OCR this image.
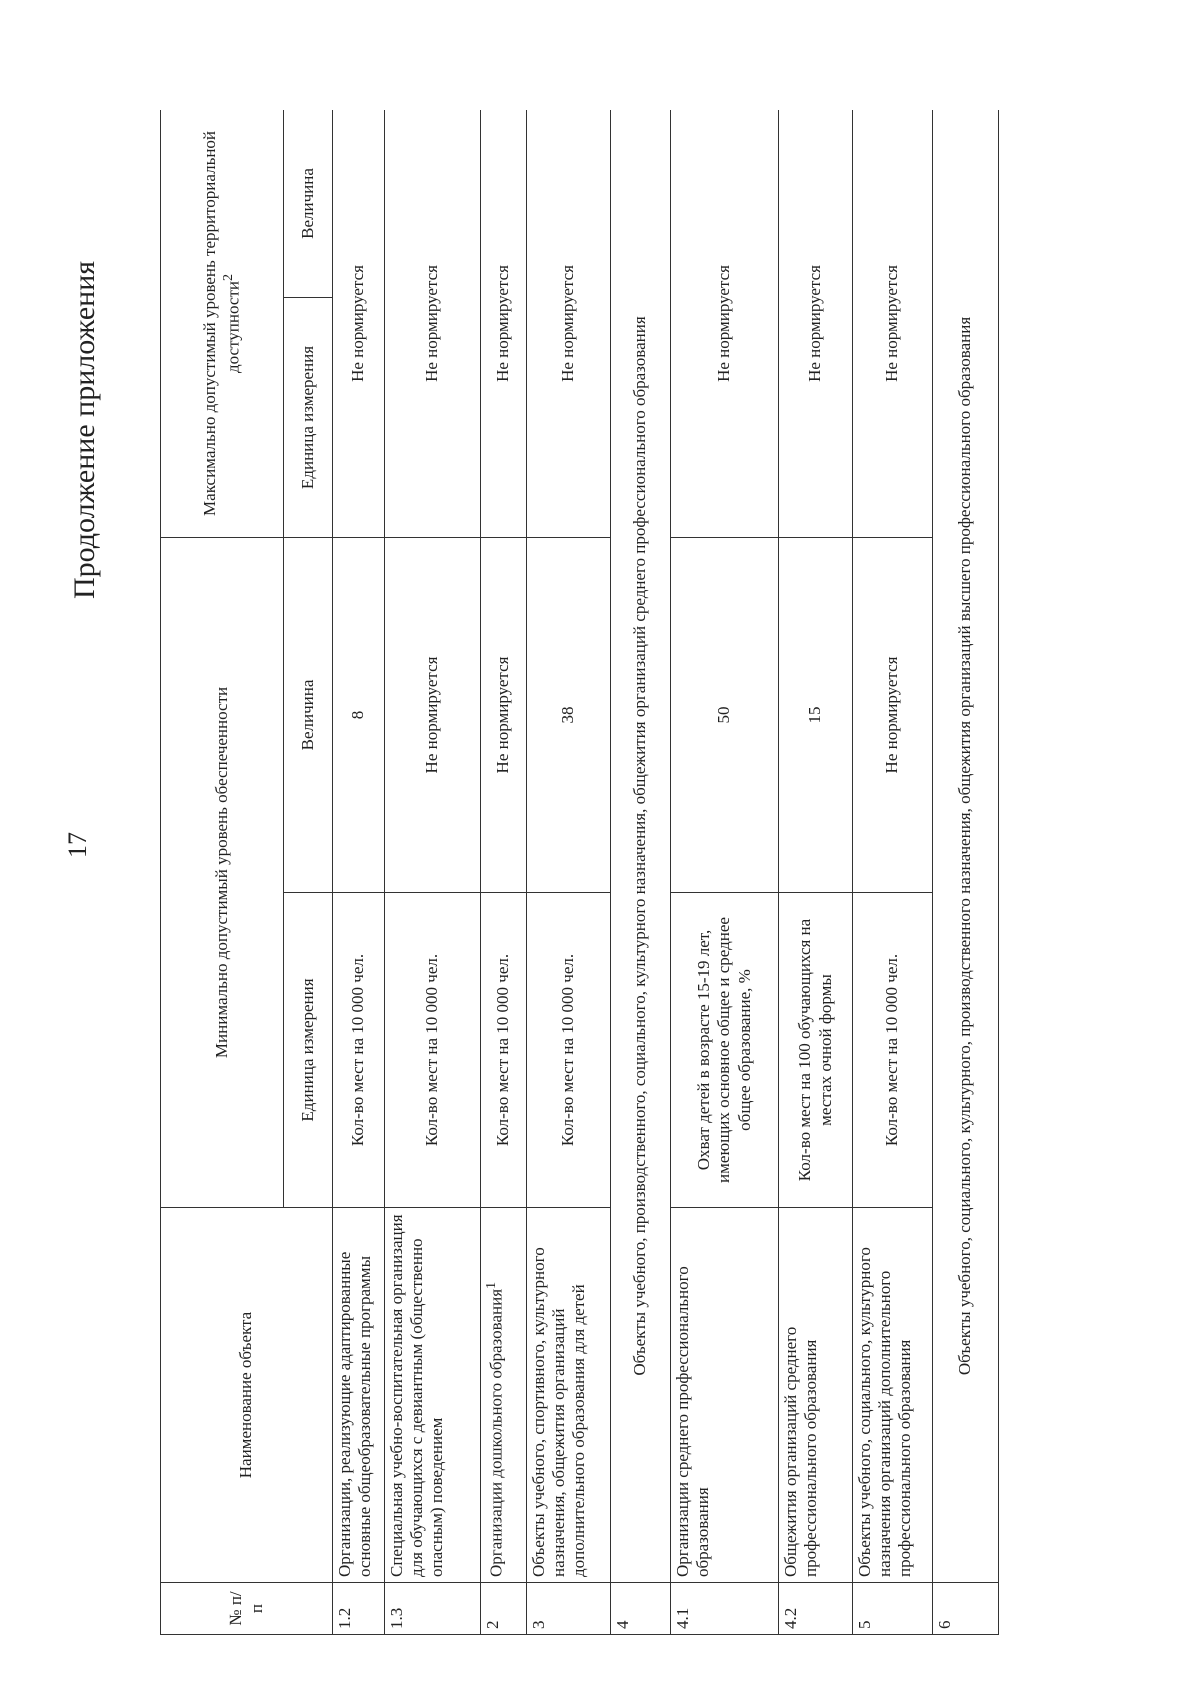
17
Продолжение приложения
№ п/п	Наименование объекта	Минимально допустимый уровень обеспеченности		Максимально допустимый уровень территориальной доступности$^2$
		Единица измерения	Величина	Единица измерения	Величина
1.2	Организации, реализующие адаптированные основные общеобразовательные программы	Кол-во мест на 10 000 чел.	8	Не нормируется	
1.3	Специальная учебно-воспитательная организация для обучающихся с девиантным (общественно опасным) поведением	Кол-во мест на 10 000 чел.	Не нормируется	Не нормируется	
2	Организации дошкольного образования$^1$	Кол-во мест на 10 000 чел.	Не нормируется	Не нормируется	
3	Объекты учебного, спортивного, культурного назначения, общежития организаций дополнительного образования для детей	Кол-во мест на 10 000 чел.	38	Не нормируется	
4	Объекты учебного, производственного, социального, культурного назначения, общежития организаций среднего профессионального образования				
4.1	Организации среднего профессионального образования	Охват детей в возрасте 15-19 лет, имеющих основное общее и среднее общее образование, %	50	Не нормируется	
4.2	Общежития организаций среднего профессионального образования	Кол-во мест на 100 обучающихся на местах очной формы	15	Не нормируется	
5	Объекты учебного, социального, культурного назначения организаций дополнительного профессионального образования	Кол-во мест на 10 000 чел.	Не нормируется	Не нормируется	
6	Объекты учебного, социального, культурного, производственного назначения, общежития организаций высшего профессионального образования				
